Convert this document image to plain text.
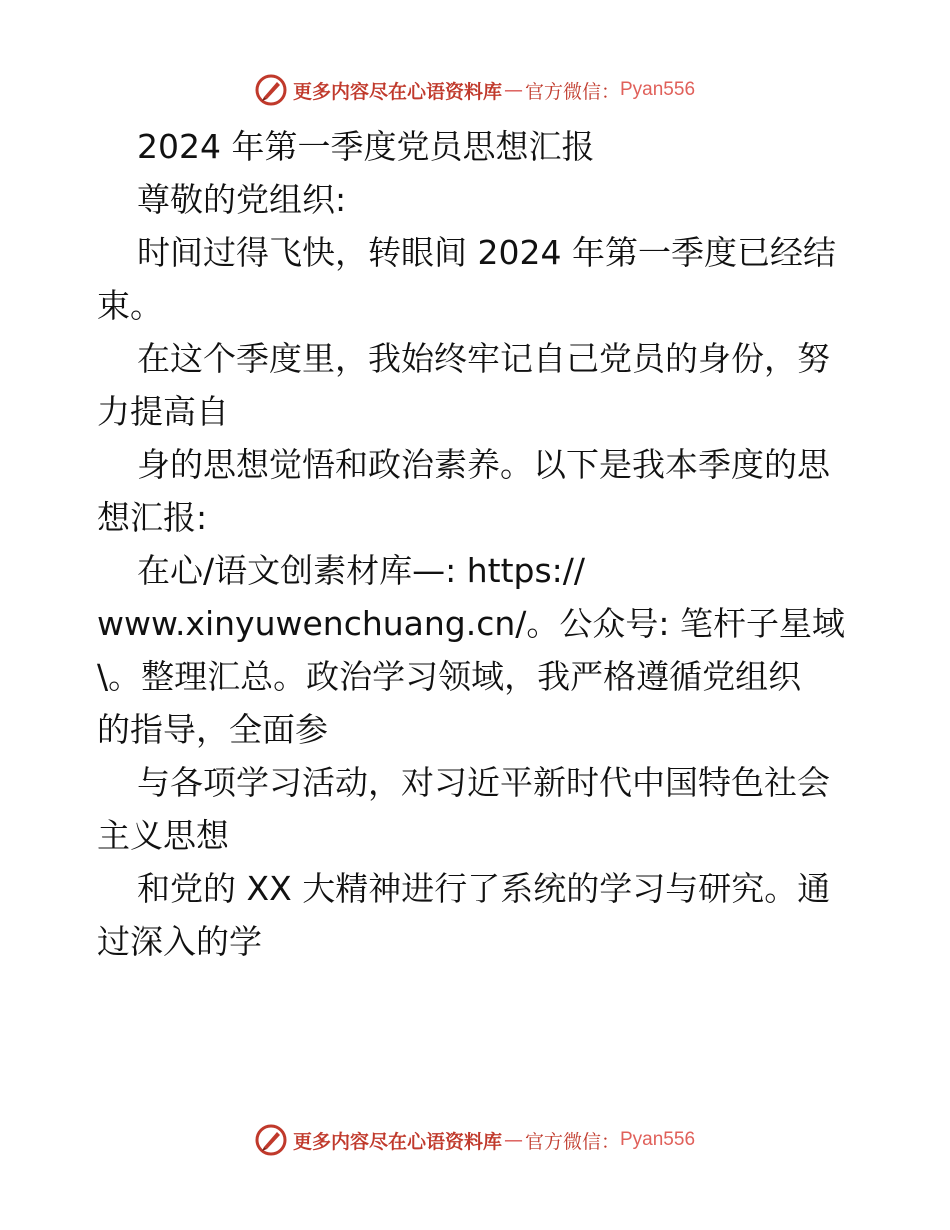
更多内容尽在心语资料库 — 官方微信： Pyan556
2024 年第一季度党员思想汇报
尊敬的党组织:
时间过得飞快，转眼间 2024 年第一季度已经结
束。
在这个季度里，我始终牢记自己党员的身份，努
力提高自
身的思想觉悟和政治素养。以下是我本季度的思
想汇报:
在心/语文创素材库—: https://
www.xinyuwenchuang.cn/。公众号: 笔杆子星域
\。整理汇总。政治学习领域，我严格遵循党组织
的指导，全面参
与各项学习活动，对习近平新时代中国特色社会
主义思想
和党的 XX 大精神进行了系统的学习与研究。通
过深入的学
更多内容尽在心语资料库 — 官方微信： Pyan556
